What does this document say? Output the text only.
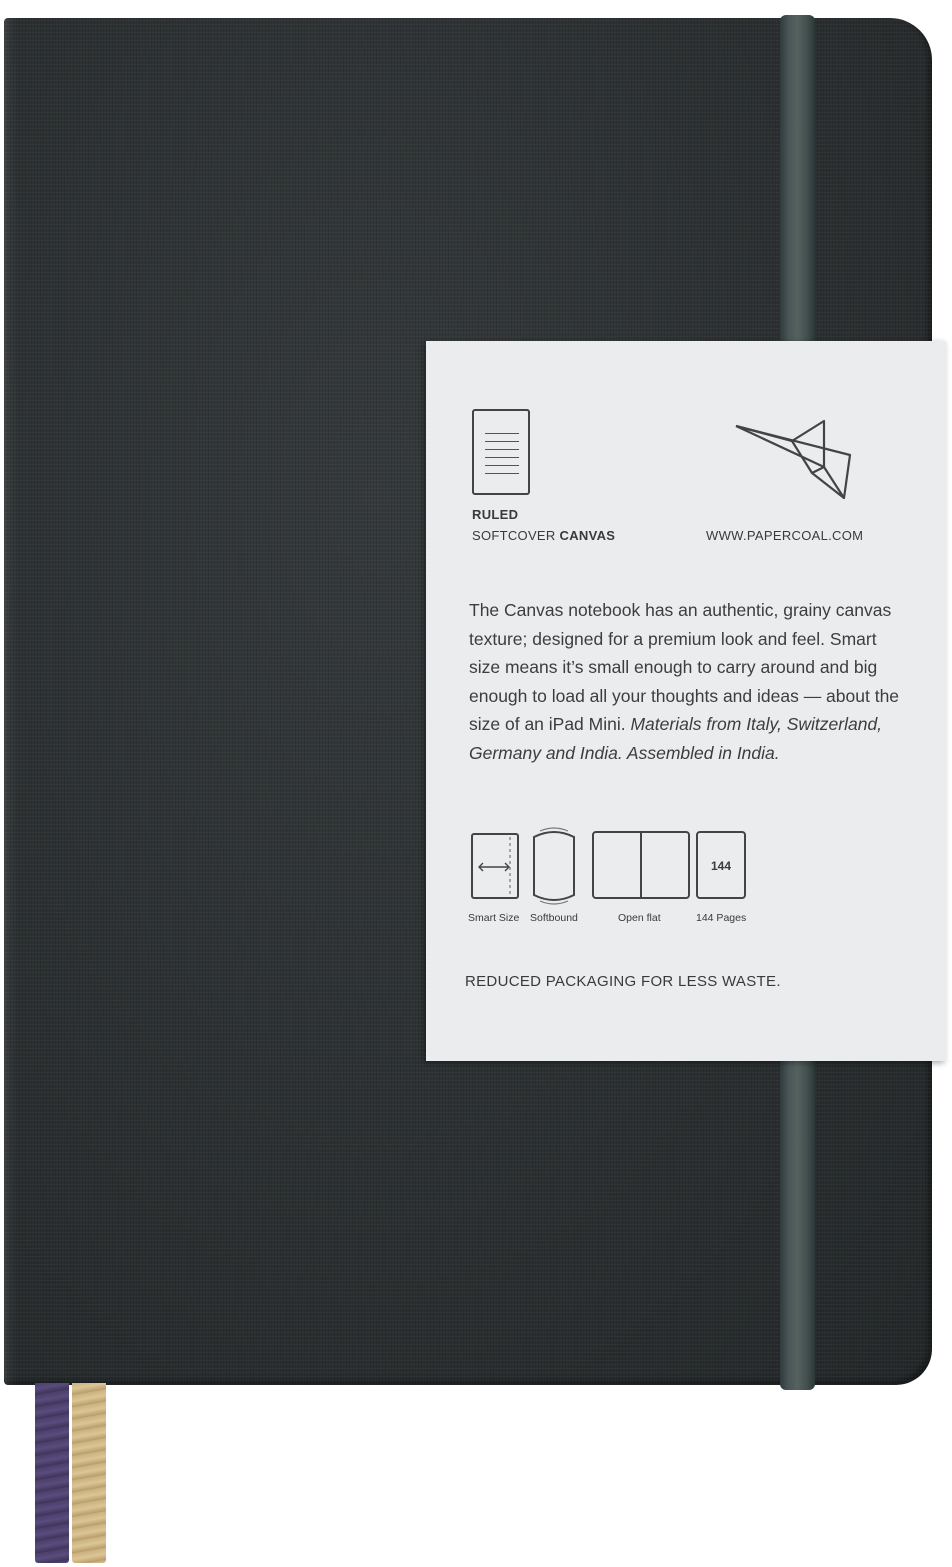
RULED
SOFTCOVER CANVAS	WWW.PAPERCOAL.COM
The Canvas notebook has an authentic, grainy canvas texture; designed for a premium look and feel. Smart size means it’s small enough to carry around and big enough to load all your thoughts and ideas — about the size of an iPad Mini. Materials from Italy, Switzerland, Germany and India. Assembled in India.
Smart Size Softbound	Open flat
144
144 Pages
REDUCED PACKAGING FOR LESS WASTE.
